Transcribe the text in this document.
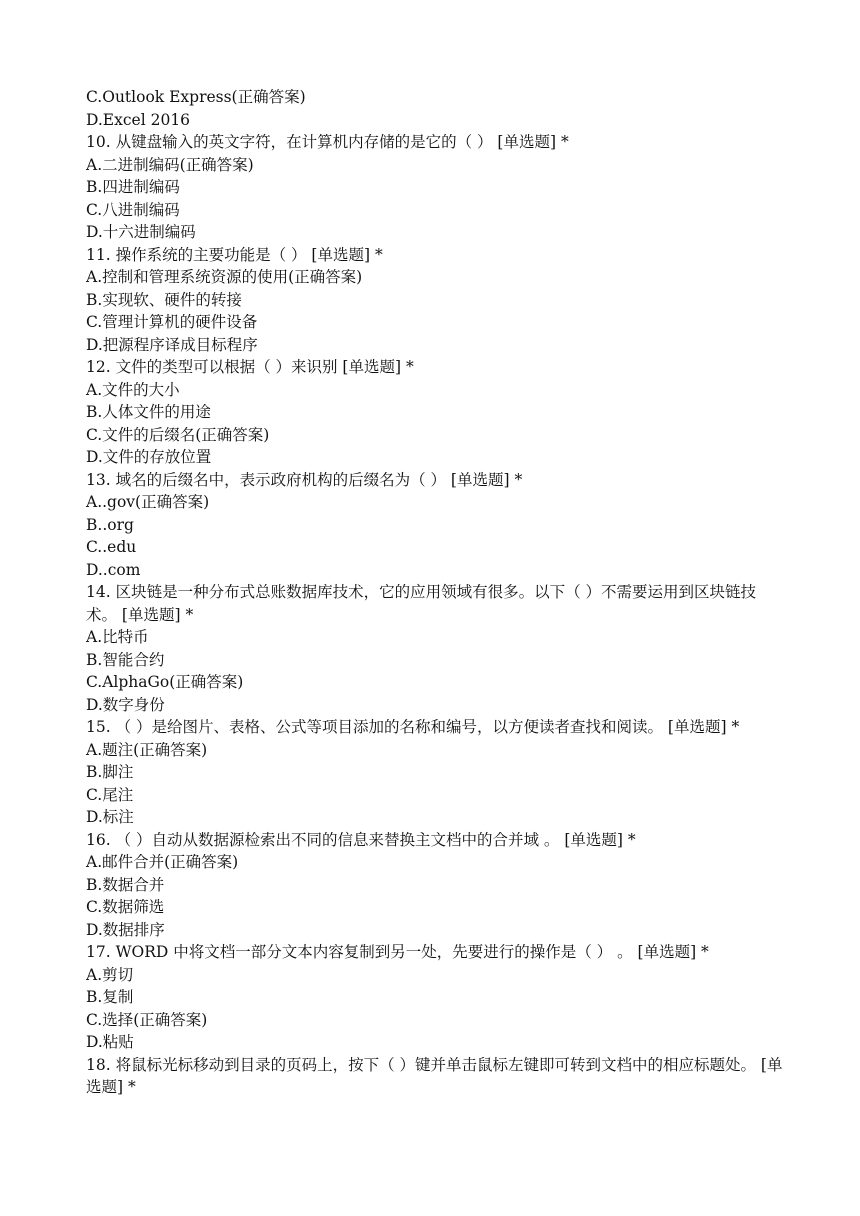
C.Outlook Express(正确答案)
D.Excel 2016
10. 从键盘输入的英文字符，在计算机内存储的是它的（ ） [单选题] *
A.二进制编码(正确答案)
B.四进制编码
C.八进制编码
D.十六进制编码
11. 操作系统的主要功能是（ ） [单选题] *
A.控制和管理系统资源的使用(正确答案)
B.实现软、硬件的转接
C.管理计算机的硬件设备
D.把源程序译成目标程序
12. 文件的类型可以根据（ ）来识别 [单选题] *
A.文件的大小
B.人体文件的用途
C.文件的后缀名(正确答案)
D.文件的存放位置
13. 域名的后缀名中，表示政府机构的后缀名为（ ） [单选题] *
A..gov(正确答案)
B..org
C..edu
D..com
14. 区块链是一种分布式总账数据库技术，它的应用领域有很多。以下（ ）不需要运用到区块链技术。 [单选题] *
A.比特币
B.智能合约
C.AlphaGo(正确答案)
D.数字身份
15. （ ）是给图片、表格、公式等项目添加的名称和编号，以方便读者查找和阅读。 [单选题] *
A.题注(正确答案)
B.脚注
C.尾注
D.标注
16. （ ）自动从数据源检索出不同的信息来替换主文档中的合并域 。 [单选题] *
A.邮件合并(正确答案)
B.数据合并
C.数据筛选
D.数据排序
17. WORD 中将文档一部分文本内容复制到另一处，先要进行的操作是（ ） 。 [单选题] *
A.剪切
B.复制
C.选择(正确答案)
D.粘贴
18. 将鼠标光标移动到目录的页码上，按下（ ）键并单击鼠标左键即可转到文档中的相应标题处。 [单选题] *
